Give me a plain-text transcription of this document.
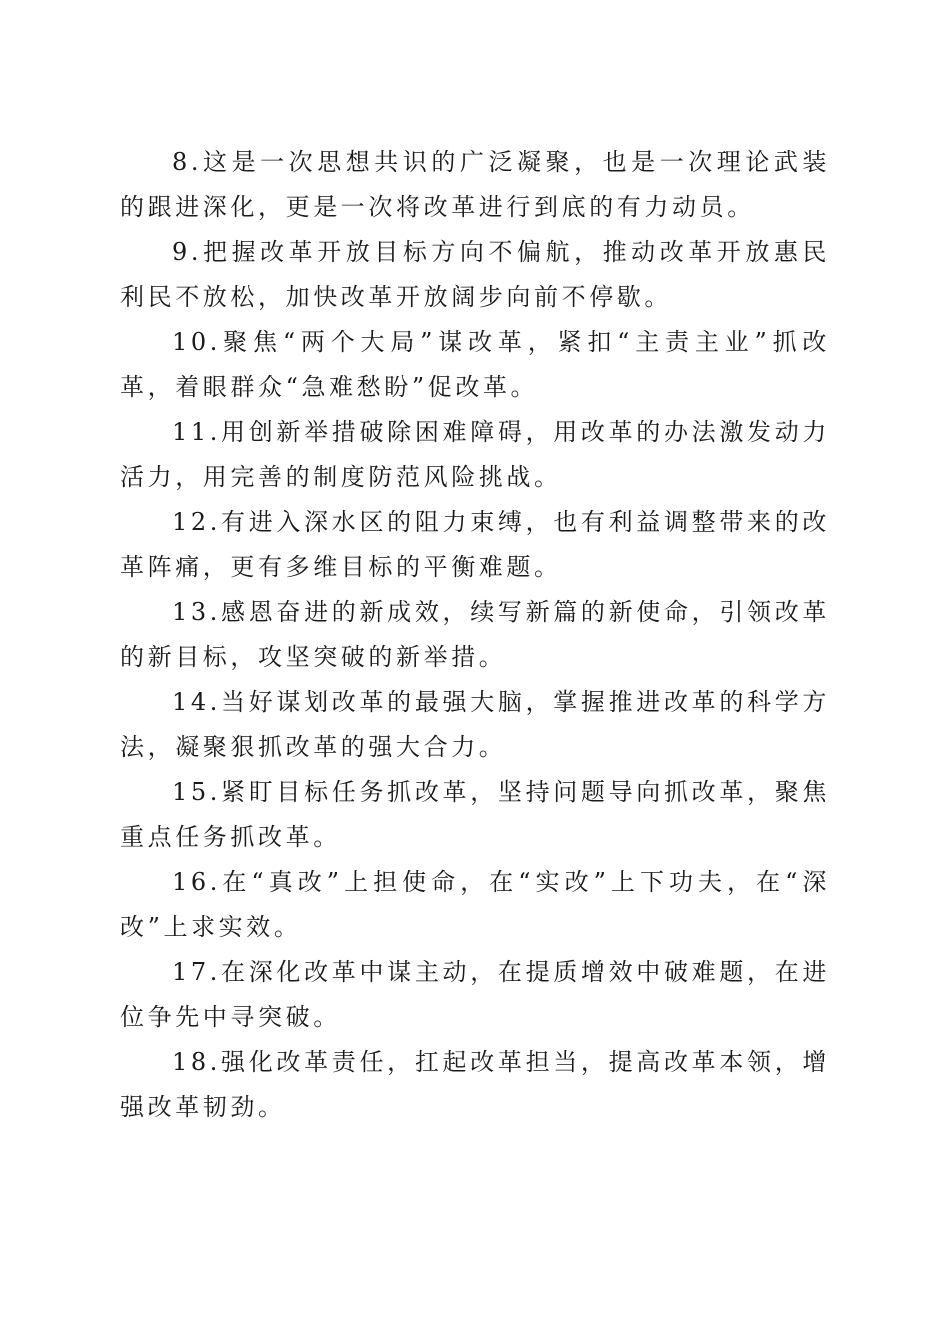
8.这是一次思想共识的广泛凝聚，也是一次理论武装的跟进深化，更是一次将改革进行到底的有力动员。

9.把握改革开放目标方向不偏航，推动改革开放惠民利民不放松，加快改革开放阔步向前不停歇。

10.聚焦“两个大局”谋改革，紧扣“主责主业”抓改革，着眼群众“急难愁盼”促改革。

11.用创新举措破除困难障碍，用改革的办法激发动力活力，用完善的制度防范风险挑战。

12.有进入深水区的阻力束缚，也有利益调整带来的改革阵痛，更有多维目标的平衡难题。

13.感恩奋进的新成效，续写新篇的新使命，引领改革的新目标，攻坚突破的新举措。

14.当好谋划改革的最强大脑，掌握推进改革的科学方法，凝聚狠抓改革的强大合力。

15.紧盯目标任务抓改革，坚持问题导向抓改革，聚焦重点任务抓改革。

16.在“真改”上担使命，在“实改”上下功夫，在“深改”上求实效。

17.在深化改革中谋主动，在提质增效中破难题，在进位争先中寻突破。

18.强化改革责任，扛起改革担当，提高改革本领，增强改革韧劲。
